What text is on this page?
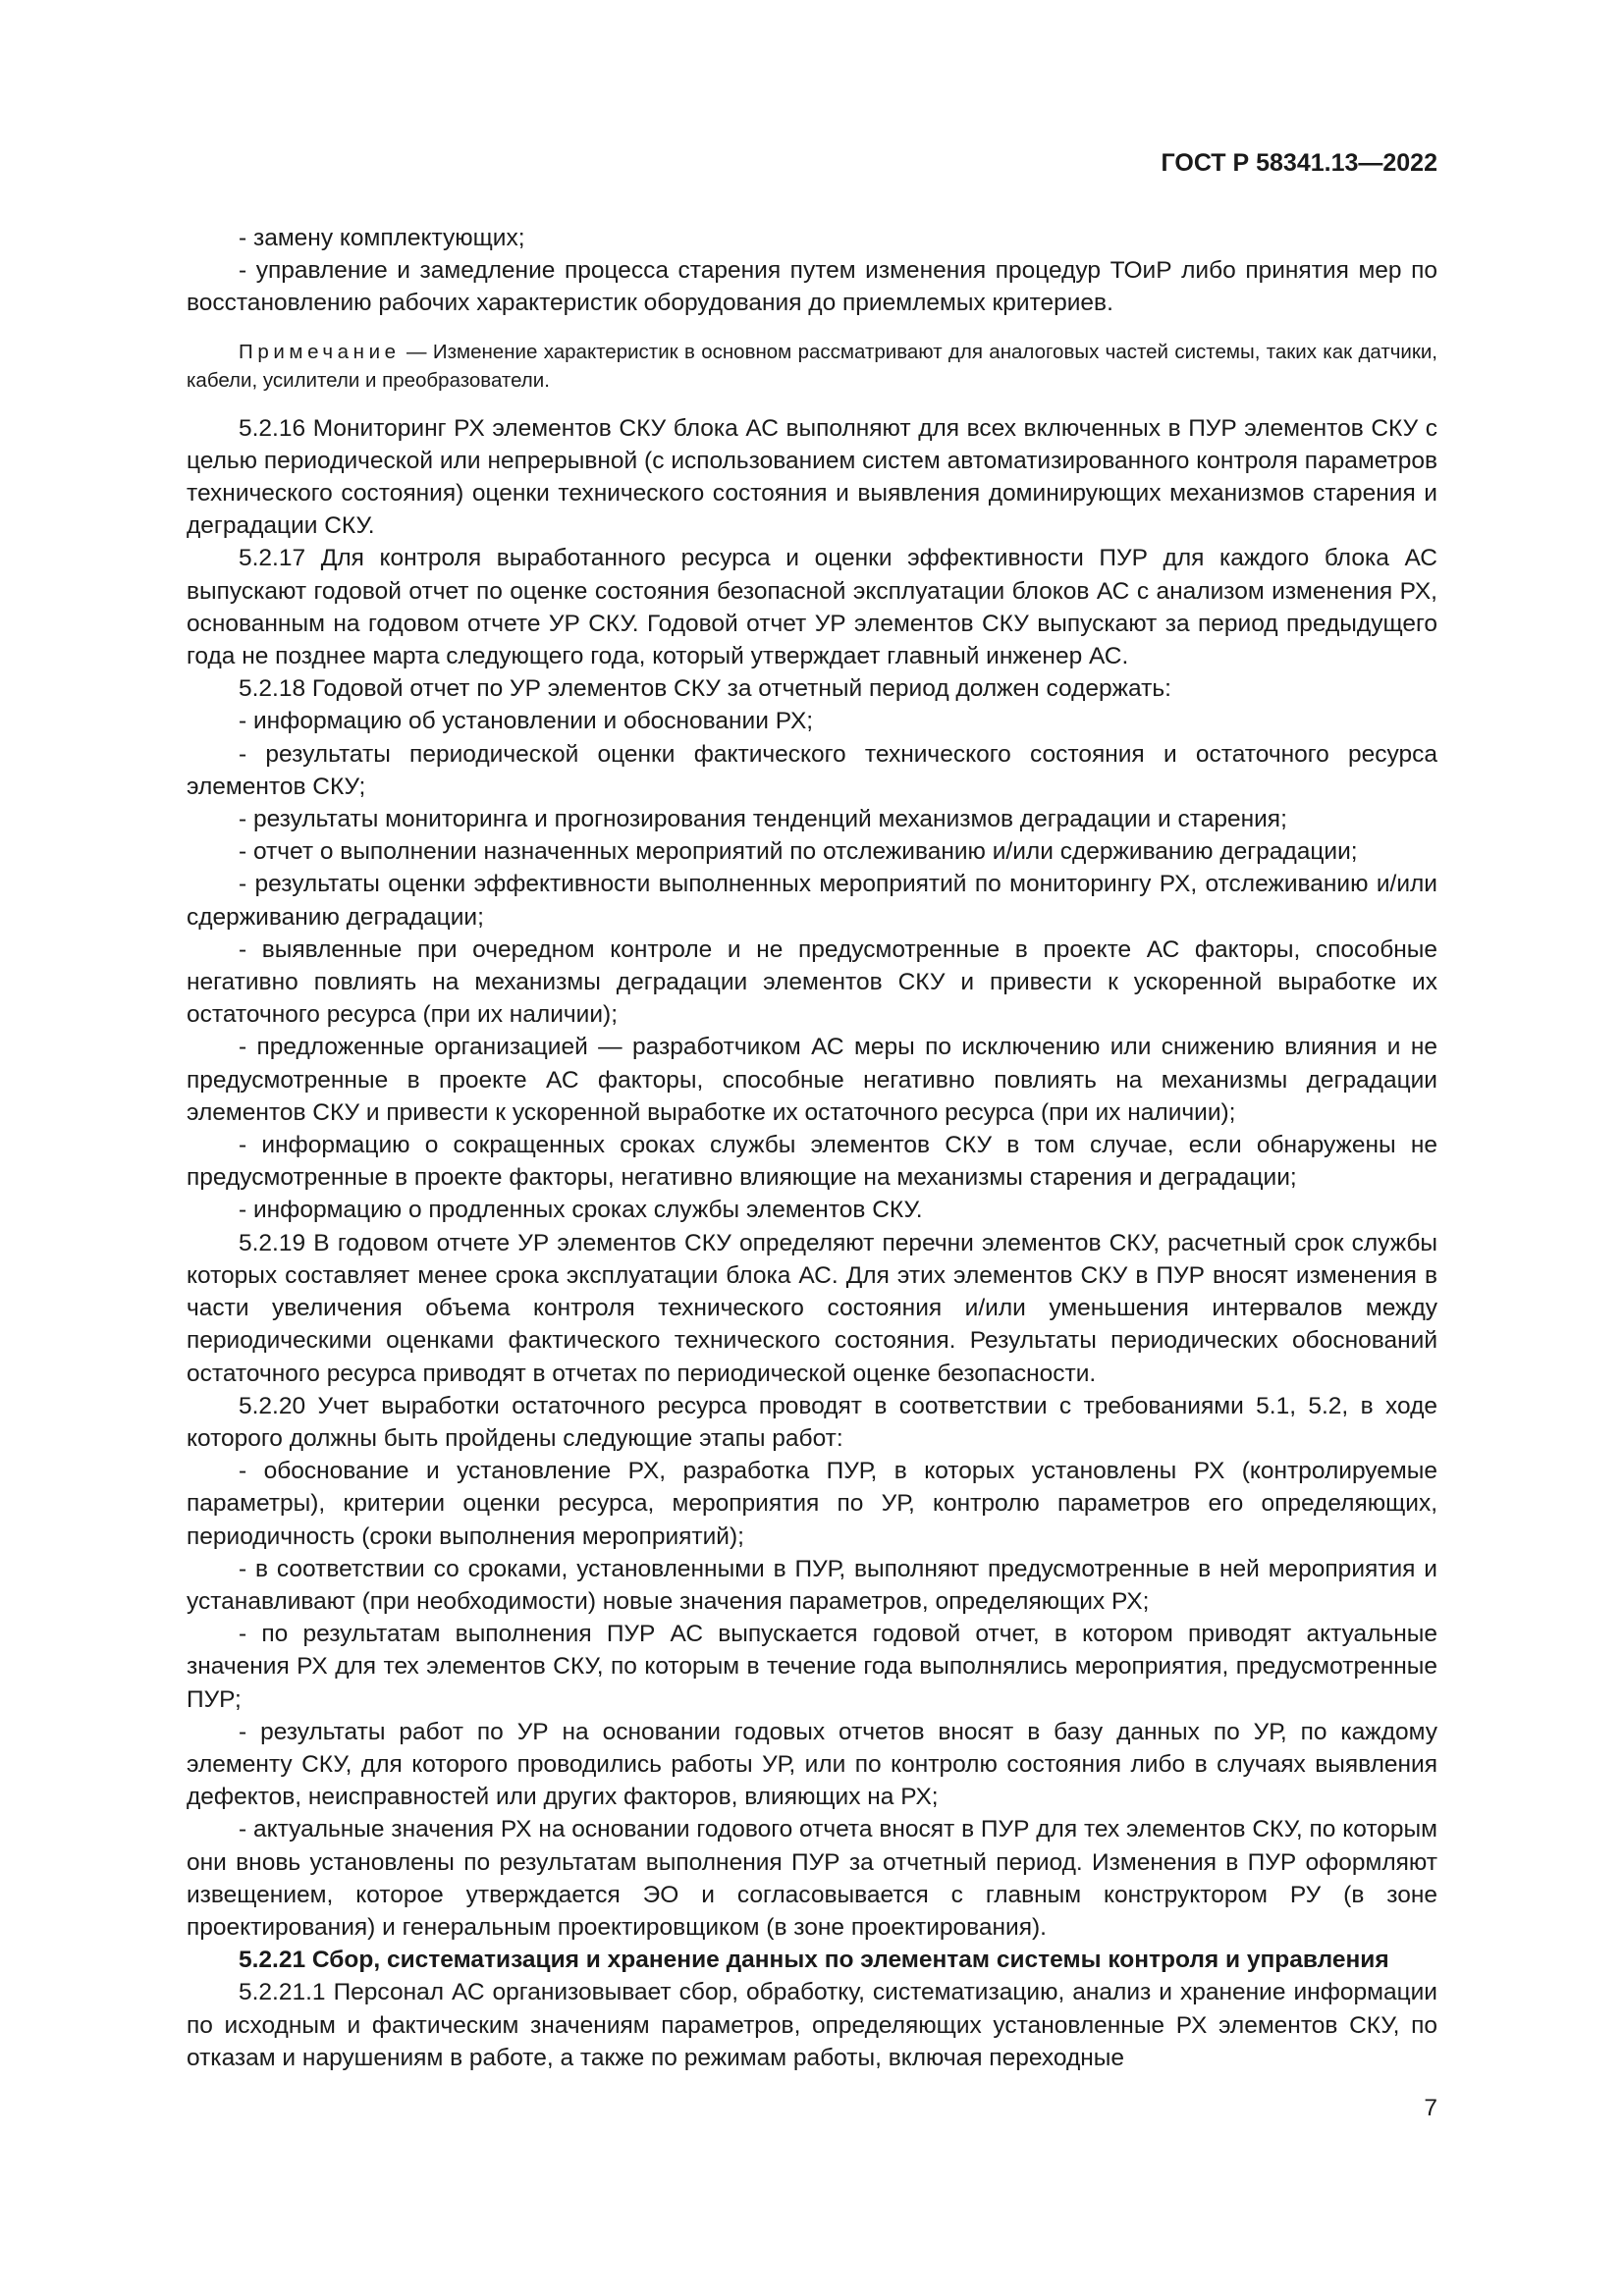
ГОСТ Р 58341.13—2022

- замену комплектующих;

- управление и замедление процесса старения путем изменения процедур ТОиР либо принятия мер по восстановлению рабочих характеристик оборудования до приемлемых критериев.

Примечание — Изменение характеристик в основном рассматривают для аналоговых частей системы, таких как датчики, кабели, усилители и преобразователи.

5.2.16 Мониторинг РХ элементов СКУ блока АС выполняют для всех включенных в ПУР элементов СКУ с целью периодической или непрерывной (с использованием систем автоматизированного контроля параметров технического состояния) оценки технического состояния и выявления доминирующих механизмов старения и деградации СКУ.

5.2.17 Для контроля выработанного ресурса и оценки эффективности ПУР для каждого блока АС выпускают годовой отчет по оценке состояния безопасной эксплуатации блоков АС с анализом изменения РХ, основанным на годовом отчете УР СКУ. Годовой отчет УР элементов СКУ выпускают за период предыдущего года не позднее марта следующего года, который утверждает главный инженер АС.

5.2.18 Годовой отчет по УР элементов СКУ за отчетный период должен содержать:

- информацию об установлении и обосновании РХ;

- результаты периодической оценки фактического технического состояния и остаточного ресурса элементов СКУ;

- результаты мониторинга и прогнозирования тенденций механизмов деградации и старения;

- отчет о выполнении назначенных мероприятий по отслеживанию и/или сдерживанию деградации;

- результаты оценки эффективности выполненных мероприятий по мониторингу РХ, отслеживанию и/или сдерживанию деградации;

- выявленные при очередном контроле и не предусмотренные в проекте АС факторы, способные негативно повлиять на механизмы деградации элементов СКУ и привести к ускоренной выработке их остаточного ресурса (при их наличии);

- предложенные организацией — разработчиком АС меры по исключению или снижению влияния и не предусмотренные в проекте АС факторы, способные негативно повлиять на механизмы деградации элементов СКУ и привести к ускоренной выработке их остаточного ресурса (при их наличии);

- информацию о сокращенных сроках службы элементов СКУ в том случае, если обнаружены не предусмотренные в проекте факторы, негативно влияющие на механизмы старения и деградации;

- информацию о продленных сроках службы элементов СКУ.

5.2.19 В годовом отчете УР элементов СКУ определяют перечни элементов СКУ, расчетный срок службы которых составляет менее срока эксплуатации блока АС. Для этих элементов СКУ в ПУР вносят изменения в части увеличения объема контроля технического состояния и/или уменьшения интервалов между периодическими оценками фактического технического состояния. Результаты периодических обоснований остаточного ресурса приводят в отчетах по периодической оценке безопасности.

5.2.20 Учет выработки остаточного ресурса проводят в соответствии с требованиями 5.1, 5.2, в ходе которого должны быть пройдены следующие этапы работ:

- обоснование и установление РХ, разработка ПУР, в которых установлены РХ (контролируемые параметры), критерии оценки ресурса, мероприятия по УР, контролю параметров его определяющих, периодичность (сроки выполнения мероприятий);

- в соответствии со сроками, установленными в ПУР, выполняют предусмотренные в ней мероприятия и устанавливают (при необходимости) новые значения параметров, определяющих РХ;

- по результатам выполнения ПУР АС выпускается годовой отчет, в котором приводят актуальные значения РХ для тех элементов СКУ, по которым в течение года выполнялись мероприятия, предусмотренные ПУР;

- результаты работ по УР на основании годовых отчетов вносят в базу данных по УР, по каждому элементу СКУ, для которого проводились работы УР, или по контролю состояния либо в случаях выявления дефектов, неисправностей или других факторов, влияющих на РХ;

- актуальные значения РХ на основании годового отчета вносят в ПУР для тех элементов СКУ, по которым они вновь установлены по результатам выполнения ПУР за отчетный период. Изменения в ПУР оформляют извещением, которое утверждается ЭО и согласовывается с главным конструктором РУ (в зоне проектирования) и генеральным проектировщиком (в зоне проектирования).

5.2.21 Сбор, систематизация и хранение данных по элементам системы контроля и управления

5.2.21.1 Персонал АС организовывает сбор, обработку, систематизацию, анализ и хранение информации по исходным и фактическим значениям параметров, определяющих установленные РХ элементов СКУ, по отказам и нарушениям в работе, а также по режимам работы, включая переходные

7
